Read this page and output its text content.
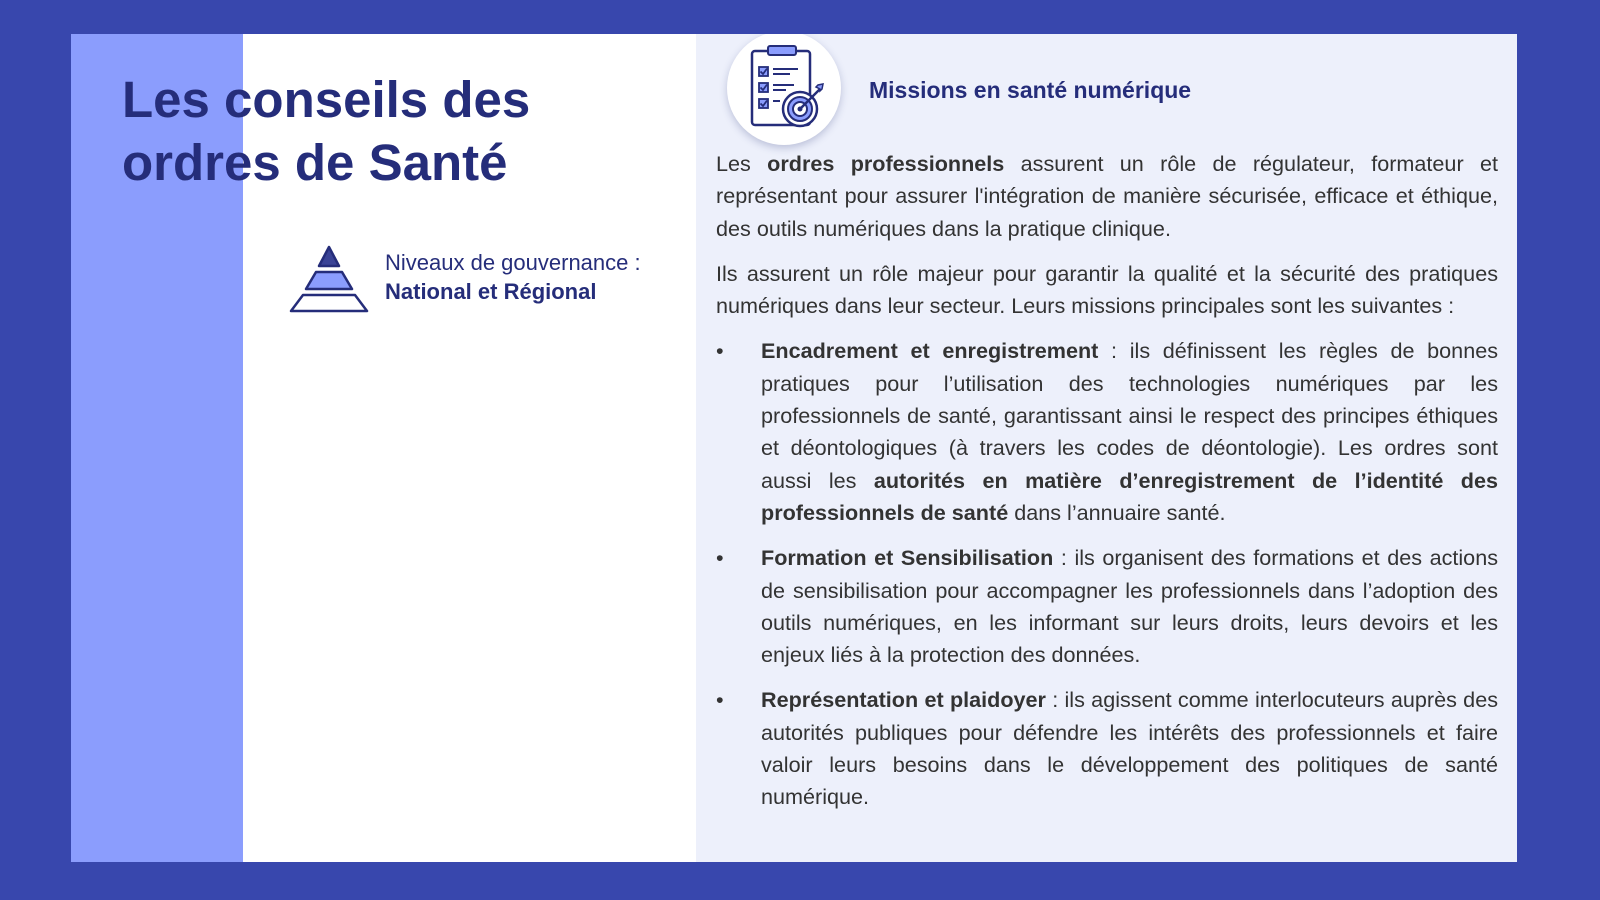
Les conseils des
ordres de Santé
Niveaux de gouvernance :
National et Régional
Missions en santé numérique

Les ordres professionnels assurent un rôle de régulateur, formateur et représentant pour assurer l'intégration de manière sécurisée, efficace et éthique, des outils numériques dans la pratique clinique.

Ils assurent un rôle majeur pour garantir la qualité et la sécurité des pratiques numériques dans leur secteur. Leurs missions principales sont les suivantes :

• Encadrement et enregistrement : ils définissent les règles de bonnes pratiques pour l’utilisation des technologies numériques par les professionnels de santé, garantissant ainsi le respect des principes éthiques et déontologiques (à travers les codes de déontologie). Les ordres sont aussi les autorités en matière d’enregistrement de l’identité des professionnels de santé dans l’annuaire santé.
• Formation et Sensibilisation : ils organisent des formations et des actions de sensibilisation pour accompagner les professionnels dans l’adoption des outils numériques, en les informant sur leurs droits, leurs devoirs et les enjeux liés à la protection des données.
• Représentation et plaidoyer : ils agissent comme interlocuteurs auprès des autorités publiques pour défendre les intérêts des professionnels et faire valoir leurs besoins dans le développement des politiques de santé numérique.
